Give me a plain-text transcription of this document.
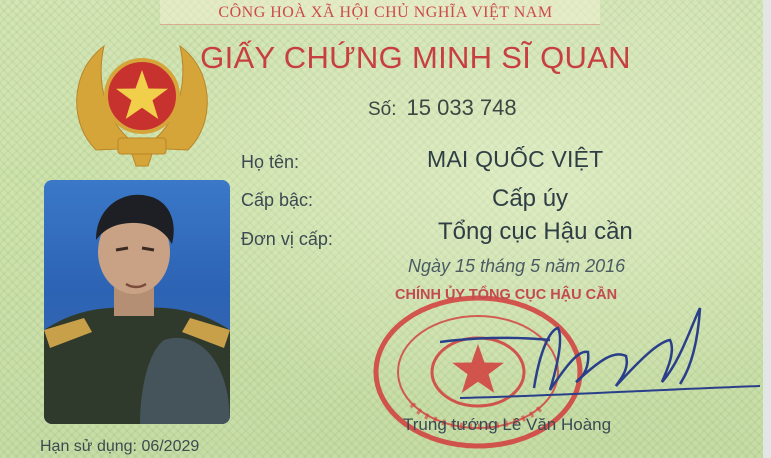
CÔNG HOÀ XÃ HỘI CHỦ NGHĨA VIỆT NAM
GIẤY CHỨNG MINH SĨ QUAN
Số: 15 033 748
Họ tên:	MAI QUỐC VIỆT
Cấp bậc:	Cấp úy
Đơn vị cấp:	Tổng cục Hậu cần
Hạn sử dụng: 06/2029
Ngày 15 tháng 5 năm 2016
CHÍNH ỦY TỔNG CỤC HẬU CẦN
Trung tướng Lê Văn Hoàng
